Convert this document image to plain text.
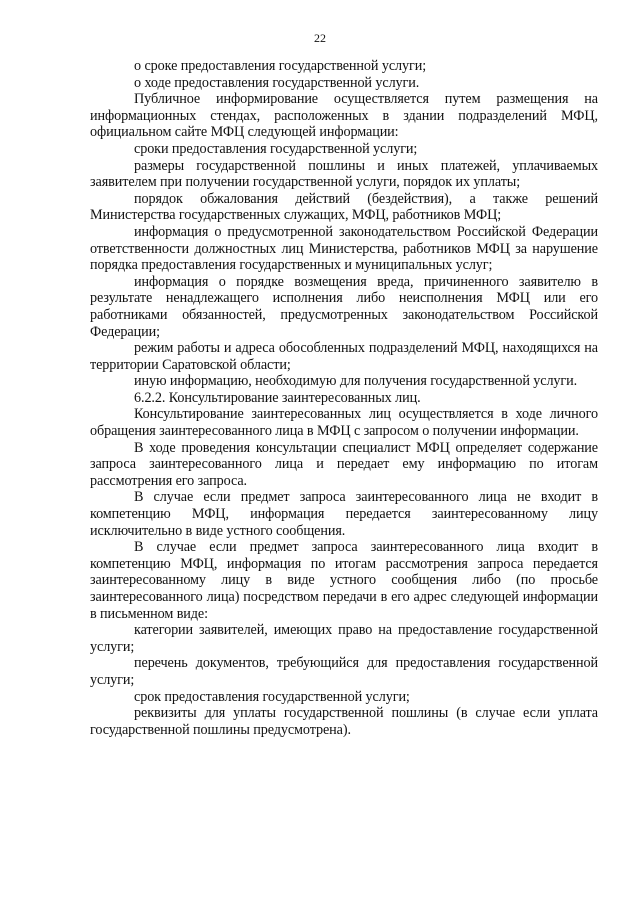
22

о сроке предоставления государственной услуги;

о ходе предоставления государственной услуги.

Публичное информирование осуществляется путем размещения на информационных стендах, расположенных в здании подразделений МФЦ, официальном сайте МФЦ следующей информации:

сроки предоставления государственной услуги;

размеры государственной пошлины и иных платежей, уплачиваемых заявителем при получении государственной услуги, порядок их уплаты;

порядок обжалования действий (бездействия), а также решений Министерства государственных служащих, МФЦ, работников МФЦ;

информация о предусмотренной законодательством Российской Федерации ответственности должностных лиц Министерства, работников МФЦ за нарушение порядка предоставления государственных и муниципальных услуг;

информация о порядке возмещения вреда, причиненного заявителю в результате ненадлежащего исполнения либо неисполнения МФЦ или его работниками обязанностей, предусмотренных законодательством Российской Федерации;

режим работы и адреса обособленных подразделений МФЦ, находящихся на территории Саратовской области;

иную информацию, необходимую для получения государственной услуги.

6.2.2. Консультирование заинтересованных лиц.

Консультирование заинтересованных лиц осуществляется в ходе личного обращения заинтересованного лица в МФЦ с запросом о получении информации.

В ходе проведения консультации специалист МФЦ определяет содержание запроса заинтересованного лица и передает ему информацию по итогам рассмотрения его запроса.

В случае если предмет запроса заинтересованного лица не входит в компетенцию МФЦ, информация передается заинтересованному лицу исключительно в виде устного сообщения.

В случае если предмет запроса заинтересованного лица входит в компетенцию МФЦ, информация по итогам рассмотрения запроса передается заинтересованному лицу в виде устного сообщения либо (по просьбе заинтересованного лица) посредством передачи в его адрес следующей информации в письменном виде:

категории заявителей, имеющих право на предоставление государственной услуги;

перечень документов, требующийся для предоставления государственной услуги;

срок предоставления государственной услуги;

реквизиты для уплаты государственной пошлины (в случае если уплата государственной пошлины предусмотрена).
